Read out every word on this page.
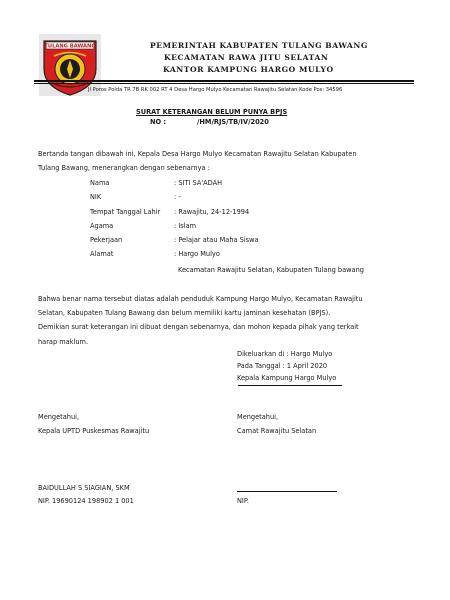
TULANG BAWANG	PEMERINTAH KABUPATEN TULANG BAWANG
KECAMATAN RAWA JITU SELATAN
KANTOR KAMPUNG HARGO MULYO
Jl Poros Polda TR 7B RK 002 RT 4 Desa Hargo Mulyo Kecamatan Rawajitu Selatan Kode Pos: 34596
SURAT KETERANGAN BELUM PUNYA BPJS
NO :	/HM/RJS/TB/IV/2020
Bertanda tangan dibawah ini, Kepala Desa Hargo Mulyo Kecamatan Rawajitu Selatan Kabupaten
Tulang Bawang, menerangkan dengan sebenarnya :
Nama	: SITI SA'ADAH
NIK	: -
Tempat Tanggal Lahir : Rawajitu, 24-12-1994
Agama	: Islam
Pekerjaan	: Pelajar atau Maha Siswa
Alamat	: Hargo Mulyo
Kecamatan Rawajitu Selatan, Kabupaten Tulang bawang
Bahwa benar nama tersebut diatas adalah penduduk Kampung Hargo Mulyo, Kecamatan Rawajitu
Selatan, Kabupaten Tulang Bawang dan belum memiliki kartu jaminan kesehatan (BPJS).
Demikian surat keterangan ini dibuat dengan sebenarnya, dan mohon kepada pihak yang terkait
harap maklum.
Dikeluarkan di : Hargo Mulyo
Pada Tanggal : 1 April 2020
Kepala Kampung Hargo Mulyo
Mengetahui,
Kepala UPTD Puskesmas Rawajitu
Mengetahui,
Camat Rawajitu Selatan
BAIDULLAH S SIAGIAN, SKM
NIP. 19690124 198902 1 001	NIP.
